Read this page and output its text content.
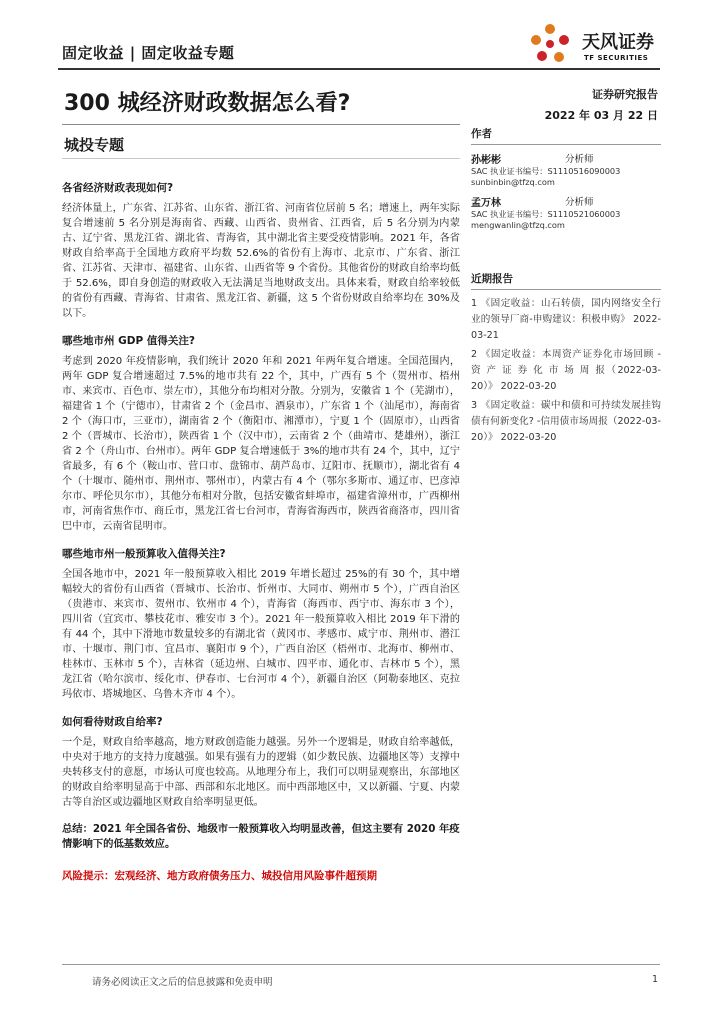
固定收益 | 固定收益专题	天风证券
TF SECURITIES
300 城经济财政数据怎么看?	证券研究报告
2022 年 03 月 22 日
城投专题
各省经济财政表现如何?
经济体量上，广东省、江苏省、山东省、浙江省、河南省位居前 5 名；增速上，两年实际复合增速前 5 名分别是海南省、西藏、山西省、贵州省、江西省，后 5 名分别为内蒙古、辽宁省、黑龙江省、湖北省、青海省，其中湖北省主要受疫情影响。2021 年，各省财政自给率高于全国地方政府平均数 52.6%的省份有上海市、北京市、广东省、浙江省、江苏省、天津市、福建省、山东省、山西省等 9 个省份。其他省份的财政自给率均低于 52.6%，即自身创造的财政收入无法满足当地财政支出。具体来看，财政自给率较低的省份有西藏、青海省、甘肃省、黑龙江省、新疆，这 5 个省份财政自给率均在 30%及以下。
哪些地市州 GDP 值得关注?
考虑到 2020 年疫情影响，我们统计 2020 年和 2021 年两年复合增速。全国范围内，两年 GDP 复合增速超过 7.5%的地市共有 22 个，其中，广西有 5 个（贺州市、梧州市、来宾市、百色市、崇左市），其他分布均相对分散。分别为，安徽省 1 个（芜湖市），福建省 1 个（宁德市），甘肃省 2 个（金昌市、酒泉市），广东省 1 个（汕尾市），海南省 2 个（海口市，三亚市），湖南省 2 个（衡阳市、湘潭市），宁夏 1 个（固原市），山西省 2 个（晋城市、长治市），陕西省 1 个（汉中市），云南省 2 个（曲靖市、楚雄州），浙江省 2 个（舟山市、台州市）。两年 GDP 复合增速低于 3%的地市共有 24 个，其中，辽宁省最多，有 6 个（鞍山市、营口市、盘锦市、葫芦岛市、辽阳市、抚顺市），湖北省有 4 个（十堰市、随州市、荆州市、鄂州市），内蒙古有 4 个（鄂尔多斯市、通辽市、巴彦淖尔市、呼伦贝尔市），其他分布相对分散，包括安徽省蚌埠市，福建省漳州市，广西柳州市，河南省焦作市、商丘市，黑龙江省七台河市，青海省海西市，陕西省商洛市，四川省巴中市，云南省昆明市。
哪些地市州一般预算收入值得关注?
全国各地市中，2021 年一般预算收入相比 2019 年增长超过 25%的有 30 个，其中增幅较大的省份有山西省（晋城市、长治市、忻州市、大同市、朔州市 5 个），广西自治区（贵港市、来宾市、贺州市、钦州市 4 个），青海省（海西市、西宁市、海东市 3 个），四川省（宜宾市、攀枝花市、雅安市 3 个）。2021 年一般预算收入相比 2019 年下滑的有 44 个，其中下滑地市数量较多的有湖北省（黄冈市、孝感市、咸宁市、荆州市、潜江市、十堰市、荆门市、宜昌市、襄阳市 9 个），广西自治区（梧州市、北海市、柳州市、桂林市、玉林市 5 个），吉林省（延边州、白城市、四平市、通化市、吉林市 5 个），黑龙江省（哈尔滨市、绥化市、伊春市、七台河市 4 个），新疆自治区（阿勒泰地区、克拉玛依市、塔城地区、乌鲁木齐市 4 个）。
如何看待财政自给率?
一个是，财政自给率越高，地方财政创造能力越强。另外一个逻辑是，财政自给率越低，中央对于地方的支持力度越强。如果有强有力的逻辑（如少数民族、边疆地区等）支撑中央转移支付的意愿，市场认可度也较高。从地理分布上，我们可以明显观察出，东部地区的财政自给率明显高于中部、西部和东北地区。而中西部地区中，又以新疆、宁夏、内蒙古等自治区或边疆地区财政自给率明显更低。
总结：2021 年全国各省份、地级市一般预算收入均明显改善，但这主要有 2020 年疫情影响下的低基数效应。
风险提示：宏观经济、地方政府债务压力、城投信用风险事件超预期
作者
孙彬彬	分析师
SAC 执业证书编号：S1110516090003
sunbinbin@tfzq.com
孟万林	分析师
SAC 执业证书编号：S1110521060003
mengwanlin@tfzq.com
近期报告
1 《固定收益：山石转债，国内网络安全行业的领导厂商-申购建议：积极申购》 2022-03-21
2 《固定收益：本周资产证券化市场回顾 - 资 产 证 券 化 市 场 周 报（2022-03-20）》 2022-03-20
3 《固定收益：碳中和债和可持续发展挂钩债有何新变化? -信用债市场周报（2022-03-20）》 2022-03-20
请务必阅读正文之后的信息披露和免责申明	1
